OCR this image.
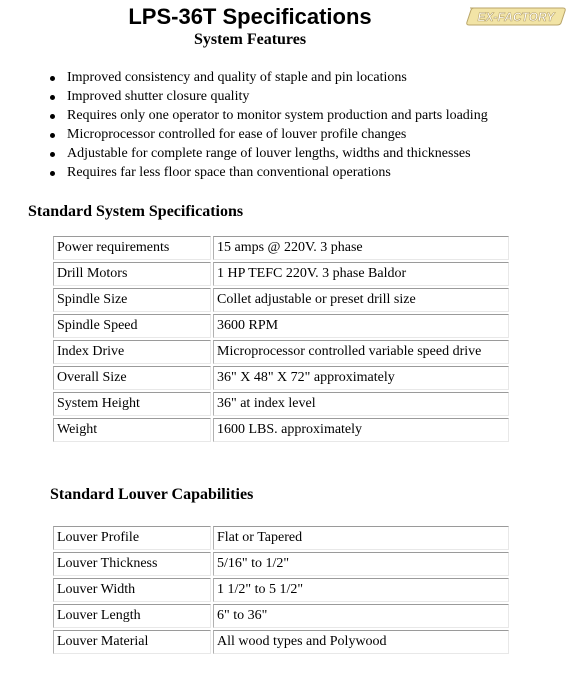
LPS-36T Specifications
System Features
EX-FACTORY
Improved consistency and quality of staple and pin locations
Improved shutter closure quality
Requires only one operator to monitor system production and parts loading
Microprocessor controlled for ease of louver profile changes
Adjustable for complete range of louver lengths, widths and thicknesses
Requires far less floor space than conventional operations
Standard System Specifications
Power requirements	15 amps @ 220V. 3 phase
Drill Motors	1 HP TEFC 220V. 3 phase Baldor
Spindle Size	Collet adjustable or preset drill size
Spindle Speed	3600 RPM
Index Drive	Microprocessor controlled variable speed drive
Overall Size	36" X 48" X 72" approximately
System Height	36" at index level
Weight	1600 LBS. approximately
Standard Louver Capabilities
Louver Profile	Flat or Tapered
Louver Thickness	5/16" to 1/2"
Louver Width	1 1/2" to 5 1/2"
Louver Length	6" to 36"
Louver Material	All wood types and Polywood
